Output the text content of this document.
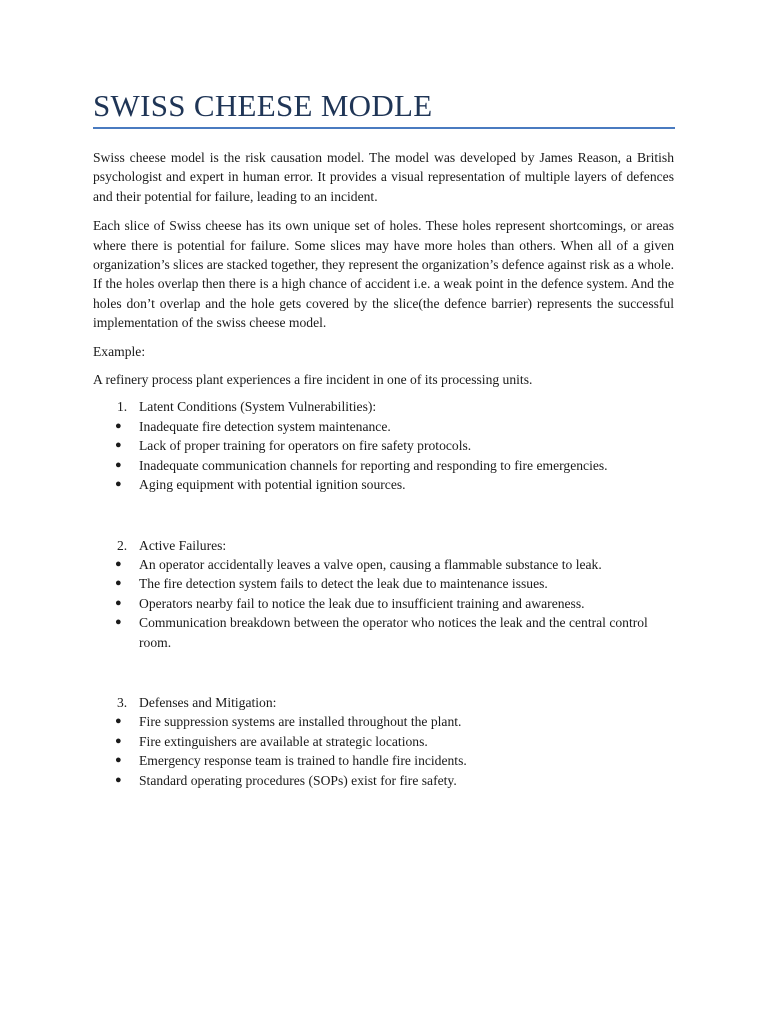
SWISS CHEESE MODLE

Swiss cheese model is the risk causation model. The model was developed by James Reason, a British psychologist and expert in human error. It provides a visual representation of multiple layers of defences and their potential for failure, leading to an incident.

Each slice of Swiss cheese has its own unique set of holes. These holes represent shortcomings, or areas where there is potential for failure. Some slices may have more holes than others. When all of a given organization’s slices are stacked together, they represent the organization’s defence against risk as a whole. If the holes overlap then there is a high chance of accident i.e. a weak point in the defence system. And the holes don’t overlap and the hole gets covered by the slice(the defence barrier) represents the successful implementation of the swiss cheese model.

Example:

A refinery process plant experiences a fire incident in one of its processing units.

1. Latent Conditions (System Vulnerabilities):
●	Inadequate fire detection system maintenance.
●	Lack of proper training for operators on fire safety protocols.
●	Inadequate communication channels for reporting and responding to fire emergencies.
●	Aging equipment with potential ignition sources.
2. Active Failures:
●	An operator accidentally leaves a valve open, causing a flammable substance to leak.
●	The fire detection system fails to detect the leak due to maintenance issues.
●	Operators nearby fail to notice the leak due to insufficient training and awareness.
●	Communication breakdown between the operator who notices the leak and the central control room.
3. Defenses and Mitigation:
●	Fire suppression systems are installed throughout the plant.
●	Fire extinguishers are available at strategic locations.
●	Emergency response team is trained to handle fire incidents.
●	Standard operating procedures (SOPs) exist for fire safety.
